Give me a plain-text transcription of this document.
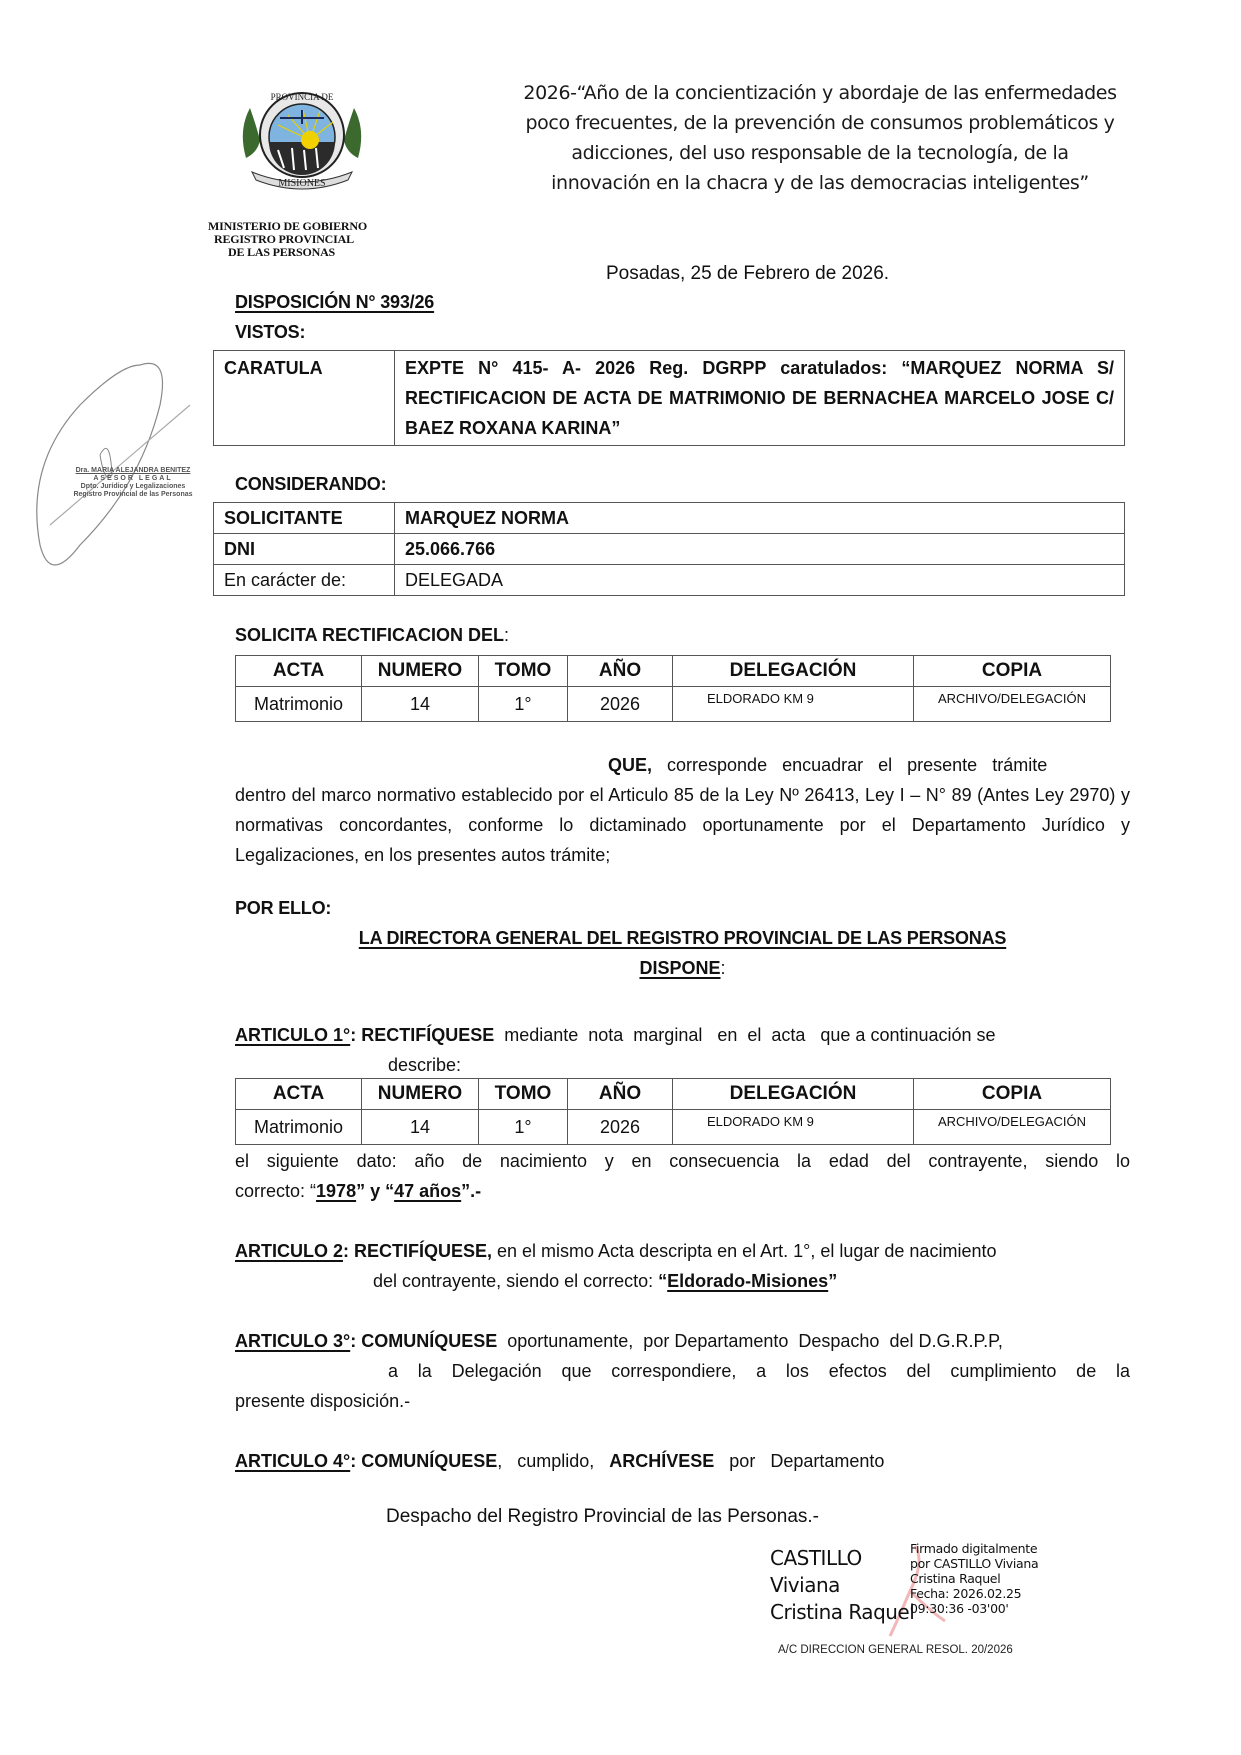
PROVINCIA DE
MISIONES
MINISTERIO DE GOBIERNO
REGISTRO PROVINCIAL
DE LAS PERSONAS
2026-“Año de la concientización y abordaje de las enfermedades
poco frecuentes, de la prevención de consumos problemáticos y
adicciones, del uso responsable de la tecnología, de la
innovación en la chacra y de las democracias inteligentes”
Posadas, 25 de Febrero de 2026.
Dra. MARIA ALEJANDRA BENITEZ
ASESOR LEGAL
Dpto. Jurídico y Legalizaciones
Registro Provincial de las Personas
DISPOSICIÓN N° 393/26
VISTOS:
CARATULA	EXPTE N° 415- A- 2026 Reg. DGRPP caratulados: “MARQUEZ NORMA S/ RECTIFICACION DE ACTA DE MATRIMONIO DE BERNACHEA MARCELO JOSE C/ BAEZ ROXANA KARINA”
CONSIDERANDO:
SOLICITANTE	MARQUEZ NORMA
DNI	25.066.766
En carácter de:	DELEGADA
SOLICITA RECTIFICACION DEL:
ACTA	NUMERO	TOMO	AÑO	DELEGACIÓN	COPIA
Matrimonio	14	1°	2026	ELDORADO KM 9	ARCHIVO/DELEGACIÓN
QUE, corresponde encuadrar el presente trámite
dentro del marco normativo establecido por el Articulo 85 de la Ley Nº 26413, Ley I – N° 89 (Antes Ley 2970) y normativas concordantes, conforme lo dictaminado oportunamente por el Departamento Jurídico y Legalizaciones, en los presentes autos trámite;
POR ELLO:
LA DIRECTORA GENERAL DEL REGISTRO PROVINCIAL DE LAS PERSONAS
DISPONE:
ARTICULO 1°: RECTIFÍQUESE  mediante  nota  marginal   en  el  acta   que a continuación se
describe:
ACTA	NUMERO	TOMO	AÑO	DELEGACIÓN	COPIA
Matrimonio	14	1°	2026	ELDORADO KM 9	ARCHIVO/DELEGACIÓN
el siguiente dato: año de nacimiento y en consecuencia la edad del contrayente, siendo lo
correcto: “1978” y “47 años”.-
ARTICULO 2: RECTIFÍQUESE, en el mismo Acta descripta en el Art. 1°, el lugar de nacimiento
del contrayente, siendo el correcto: “Eldorado-Misiones”
ARTICULO 3°: COMUNÍQUESE  oportunamente,  por Departamento  Despacho  del D.G.R.P.P,
a la Delegación que correspondiere, a los efectos del cumplimiento de la
presente disposición.-
ARTICULO 4°: COMUNÍQUESE,   cumplido,   ARCHÍVESE   por   Departamento
Despacho del Registro Provincial de las Personas.-
CASTILLO
Viviana
Cristina Raquel
Firmado digitalmente
por CASTILLO Viviana
Cristina Raquel
Fecha: 2026.02.25
09:30:36 -03'00'
A/C DIRECCION GENERAL RESOL. 20/2026
